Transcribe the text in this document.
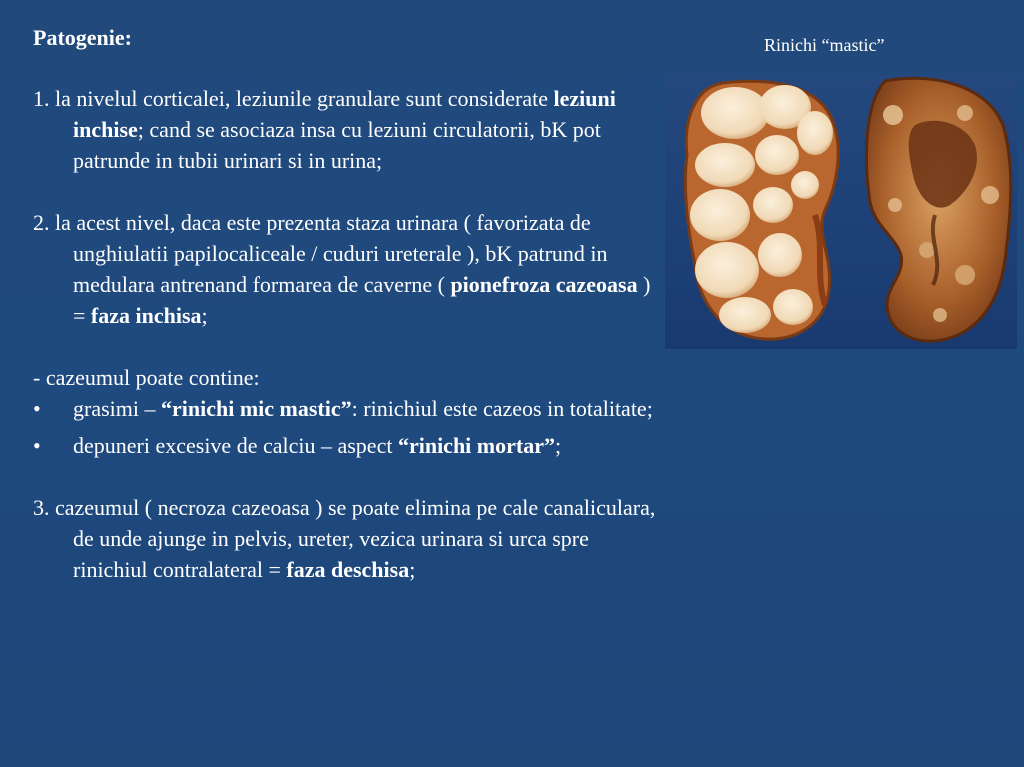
Patogenie:
1. la nivelul corticalei, leziunile granulare sunt considerate leziuni inchise; cand se asociaza insa cu leziuni circulatorii, bK pot patrunde in tubii urinari si in urina;
2. la acest nivel, daca este prezenta staza urinara ( favorizata de unghiulatii papilocaliceale / cuduri ureterale ), bK patrund in medulara antrenand formarea de caverne ( pionefroza cazeoasa ) = faza inchisa;
- cazeumul poate contine:
• grasimi – “rinichi mic mastic”: rinichiul este cazeos in totalitate;
• depuneri excesive de calciu – aspect “rinichi mortar”;
3. cazeumul ( necroza cazeoasa ) se poate elimina pe cale canaliculara, de unde ajunge in pelvis, ureter, vezica urinara si urca spre rinichiul contralateral = faza deschisa;
Rinichi “mastic”
